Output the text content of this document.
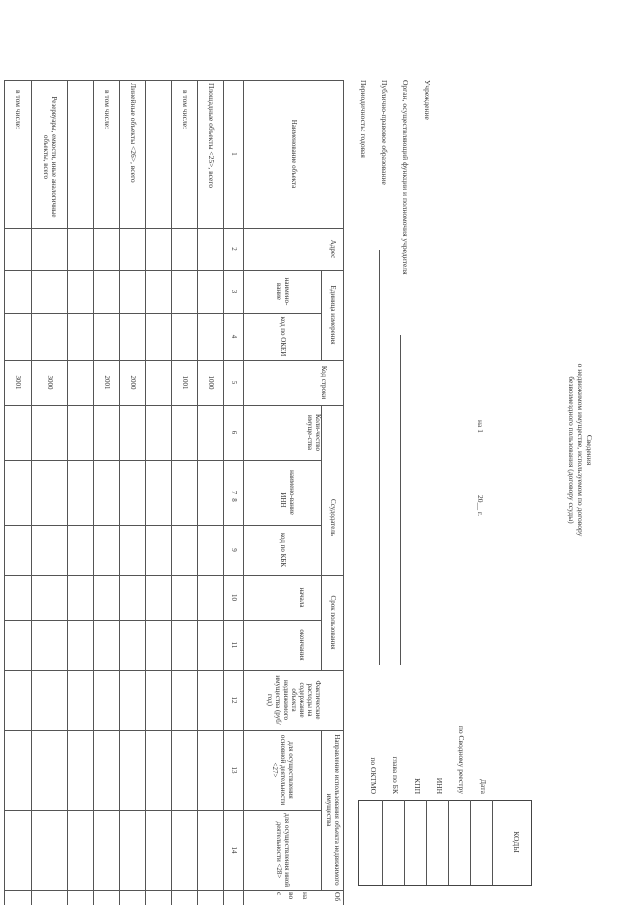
Сведения
о недвижимом имуществе, используемом по договору
безвозмездного пользования (договору ссуды)
на 1
20__ г.
Учреждение
Орган, осуществляющий функции и полномочия учредителя
Публично-правовое образование
Периодичность: годовая
Дата
по Сводному реестру
ИНН
КПП
глава по БК
по ОКТМО
КОДЫ
Наименование объекта
Адрес
Единица измерения
наимено-вание
код по ОКЕИ
Код строки
Коли-чество имуще-ства
Ссудодатель
наимено-вание
ИНН
код по КБК
Срок пользования
начала
окончания
Фактические расходы на содержание объекта недвижимого имущества (руб/год)
Направление использования объекта недвижимого имущества
для осуществления основной деятельности <27>
для осуществления иной деятельности <28>
Об
на
во
с
1
2
3
4
5
6
7
8
9
10
11
12
13
14
Площадные объекты <25>, всего
1000
в том числе:
1001
Линейные объекты <26>, всего
2000
в том числе:
2001
Резервуары, емкости, иные аналогичные объекты, всего
3000
в том числе:
3001
